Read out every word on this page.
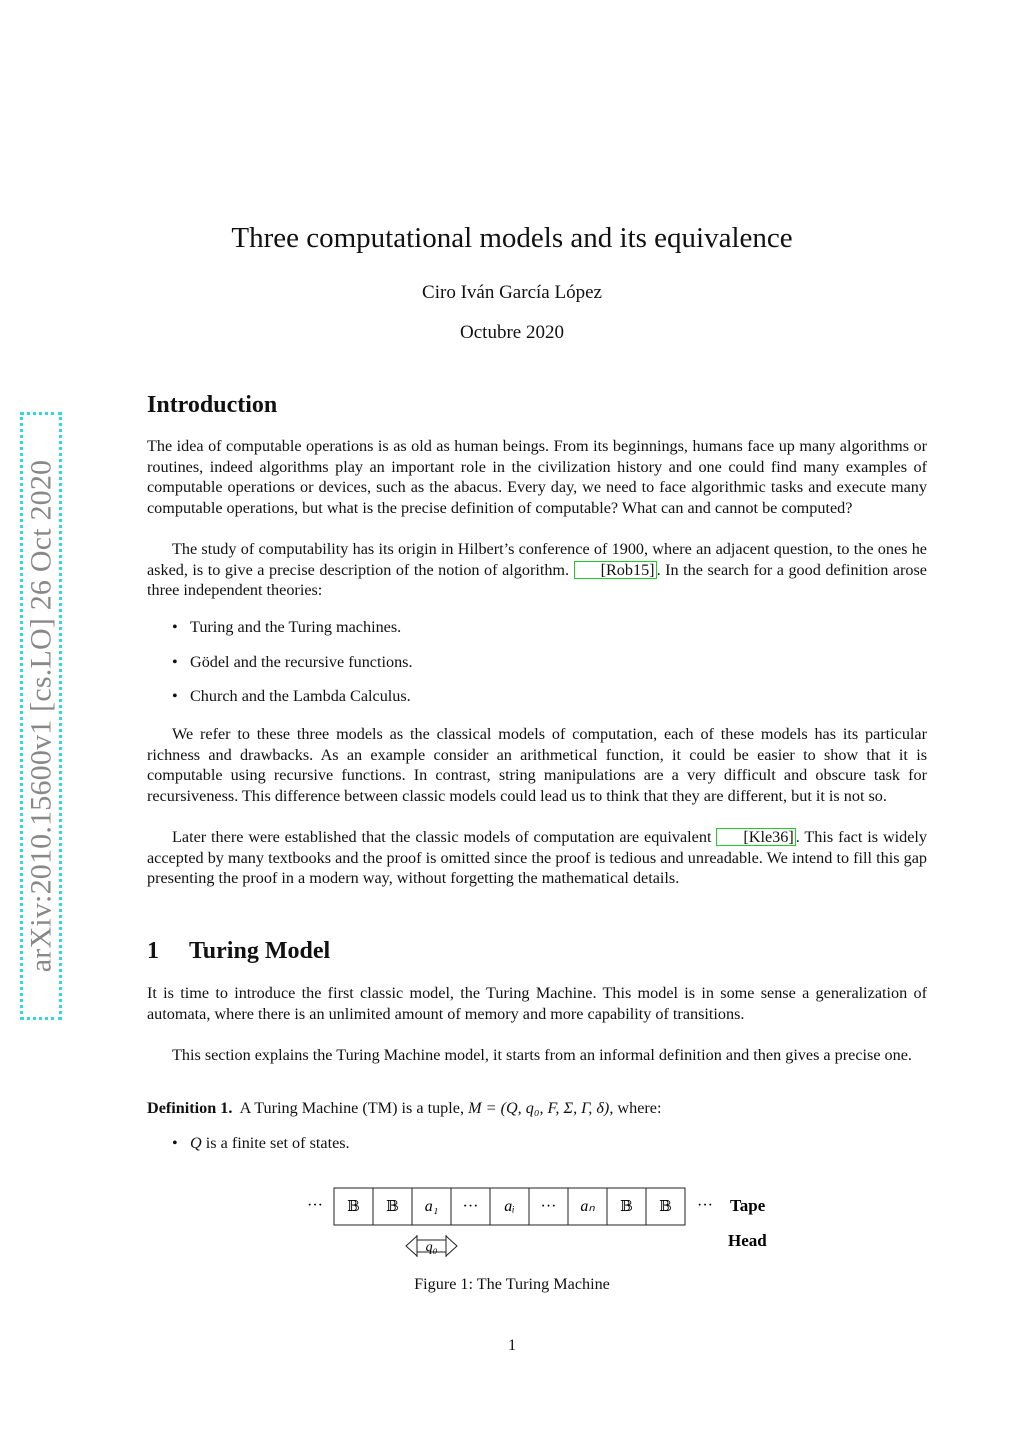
arXiv:2010.15600v1 [cs.LO] 26 Oct 2020
Three computational models and its equivalence
Ciro Iván García López
Octubre 2020
Introduction

The idea of computable operations is as old as human beings. From its beginnings, humans face up many algorithms or routines, indeed algorithms play an important role in the civilization history and one could find many examples of computable operations or devices, such as the abacus. Every day, we need to face algorithmic tasks and execute many computable operations, but what is the precise definition of computable? What can and cannot be computed?

The study of computability has its origin in Hilbert’s conference of 1900, where an adjacent question, to the ones he asked, is to give a precise description of the notion of algorithm. [Rob15] . In the search for a good definition arose three independent theories:

• Turing and the Turing machines.
• Gödel and the recursive functions.
• Church and the Lambda Calculus.

We refer to these three models as the classical models of computation, each of these models has its particular richness and drawbacks. As an example consider an arithmetical function, it could be easier to show that it is computable using recursive functions. In contrast, string manipulations are a very difficult and obscure task for recursiveness. This difference between classic models could lead us to think that they are different, but it is not so.

Later there were established that the classic models of computation are equivalent [Kle36] . This fact is widely accepted by many textbooks and the proof is omitted since the proof is tedious and unreadable. We intend to fill this gap presenting the proof in a modern way, without forgetting the mathematical details.

1 Turing Model

It is time to introduce the first classic model, the Turing Machine. This model is in some sense a generalization of automata, where there is an unlimited amount of memory and more capability of transitions.

This section explains the Turing Machine model, it starts from an informal definition and then gives a precise one.

Definition 1. A Turing Machine (TM) is a tuple, M = (Q, q₀, F, Σ, Γ, δ), where:
• Q is a finite set of states.
··· 𝔹 𝔹 a₁ ··· aᵢ ··· aₙ 𝔹 𝔹 ··· Tape
Head
q₀
Figure 1: The Turing Machine
1
